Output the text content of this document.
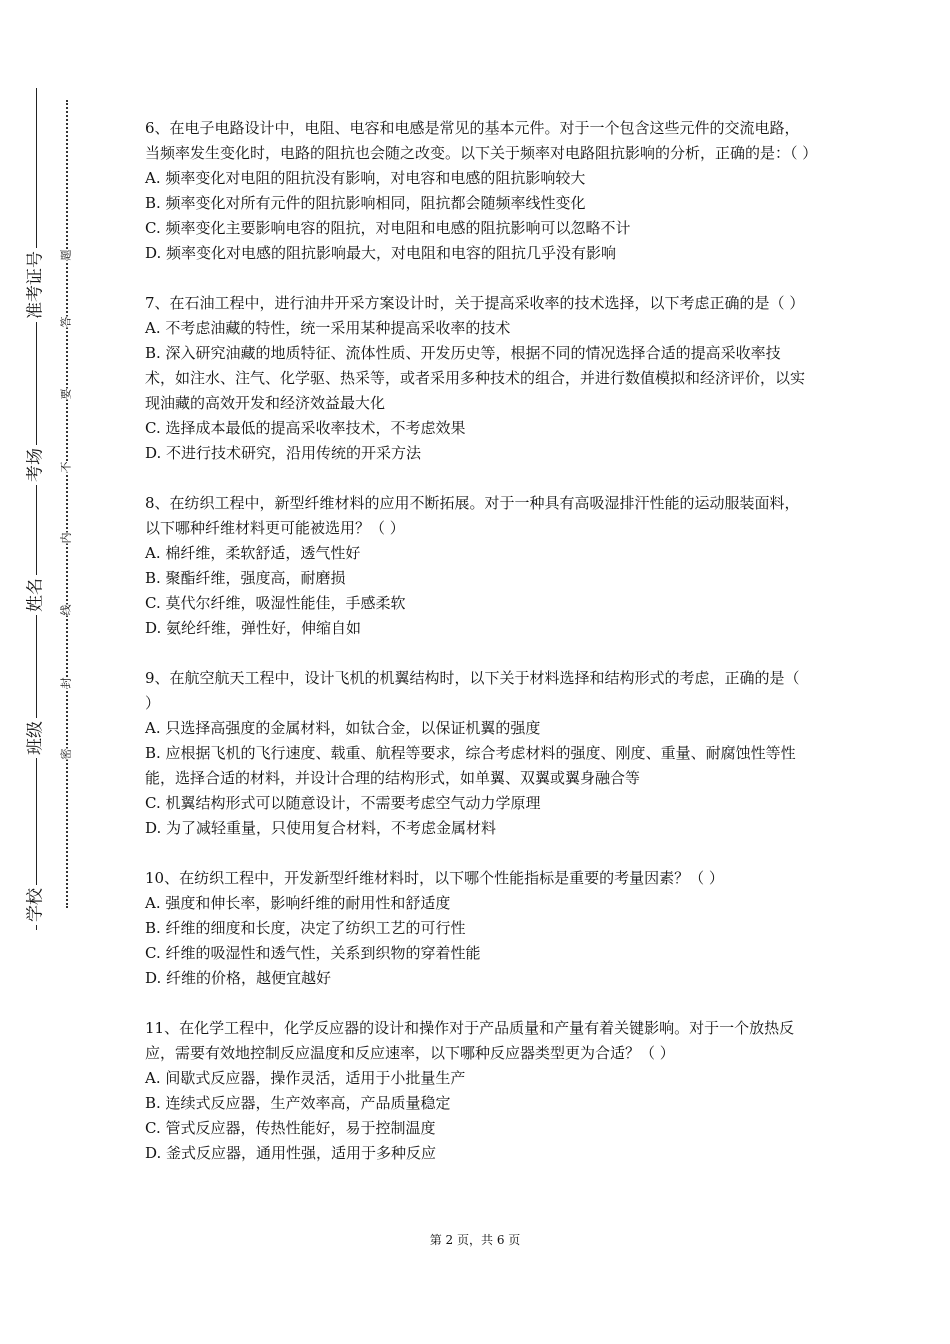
准考证号
考场
姓名
班级
学校
题
答
要
不
内
线
封
密

6、在电子电路设计中，电阻、电容和电感是常见的基本元件。对于一个包含这些元件的交流电路，当频率发生变化时，电路的阻抗也会随之改变。以下关于频率对电路阻抗影响的分析，正确的是：（ ）

A. 频率变化对电阻的阻抗没有影响，对电容和电感的阻抗影响较大

B. 频率变化对所有元件的阻抗影响相同，阻抗都会随频率线性变化

C. 频率变化主要影响电容的阻抗，对电阻和电感的阻抗影响可以忽略不计

D. 频率变化对电感的阻抗影响最大，对电阻和电容的阻抗几乎没有影响

7、在石油工程中，进行油井开采方案设计时，关于提高采收率的技术选择，以下考虑正确的是（ ）

A. 不考虑油藏的特性，统一采用某种提高采收率的技术

B. 深入研究油藏的地质特征、流体性质、开发历史等，根据不同的情况选择合适的提高采收率技术，如注水、注气、化学驱、热采等，或者采用多种技术的组合，并进行数值模拟和经济评价，以实现油藏的高效开发和经济效益最大化

C. 选择成本最低的提高采收率技术，不考虑效果

D. 不进行技术研究，沿用传统的开采方法

8、在纺织工程中，新型纤维材料的应用不断拓展。对于一种具有高吸湿排汗性能的运动服装面料，以下哪种纤维材料更可能被选用？（ ）

A. 棉纤维，柔软舒适，透气性好

B. 聚酯纤维，强度高，耐磨损

C. 莫代尔纤维，吸湿性能佳，手感柔软

D. 氨纶纤维，弹性好，伸缩自如

9、在航空航天工程中，设计飞机的机翼结构时，以下关于材料选择和结构形式的考虑，正确的是（ ）

A. 只选择高强度的金属材料，如钛合金，以保证机翼的强度

B. 应根据飞机的飞行速度、载重、航程等要求，综合考虑材料的强度、刚度、重量、耐腐蚀性等性能，选择合适的材料，并设计合理的结构形式，如单翼、双翼或翼身融合等

C. 机翼结构形式可以随意设计，不需要考虑空气动力学原理

D. 为了减轻重量，只使用复合材料，不考虑金属材料

10、在纺织工程中，开发新型纤维材料时，以下哪个性能指标是重要的考量因素？（ ）

A. 强度和伸长率，影响纤维的耐用性和舒适度

B. 纤维的细度和长度，决定了纺织工艺的可行性

C. 纤维的吸湿性和透气性，关系到织物的穿着性能

D. 纤维的价格，越便宜越好

11、在化学工程中，化学反应器的设计和操作对于产品质量和产量有着关键影响。对于一个放热反应，需要有效地控制反应温度和反应速率，以下哪种反应器类型更为合适？（ ）

A. 间歇式反应器，操作灵活，适用于小批量生产

B. 连续式反应器，生产效率高，产品质量稳定

C. 管式反应器，传热性能好，易于控制温度

D. 釜式反应器，通用性强，适用于多种反应

第 2 页，共 6 页
